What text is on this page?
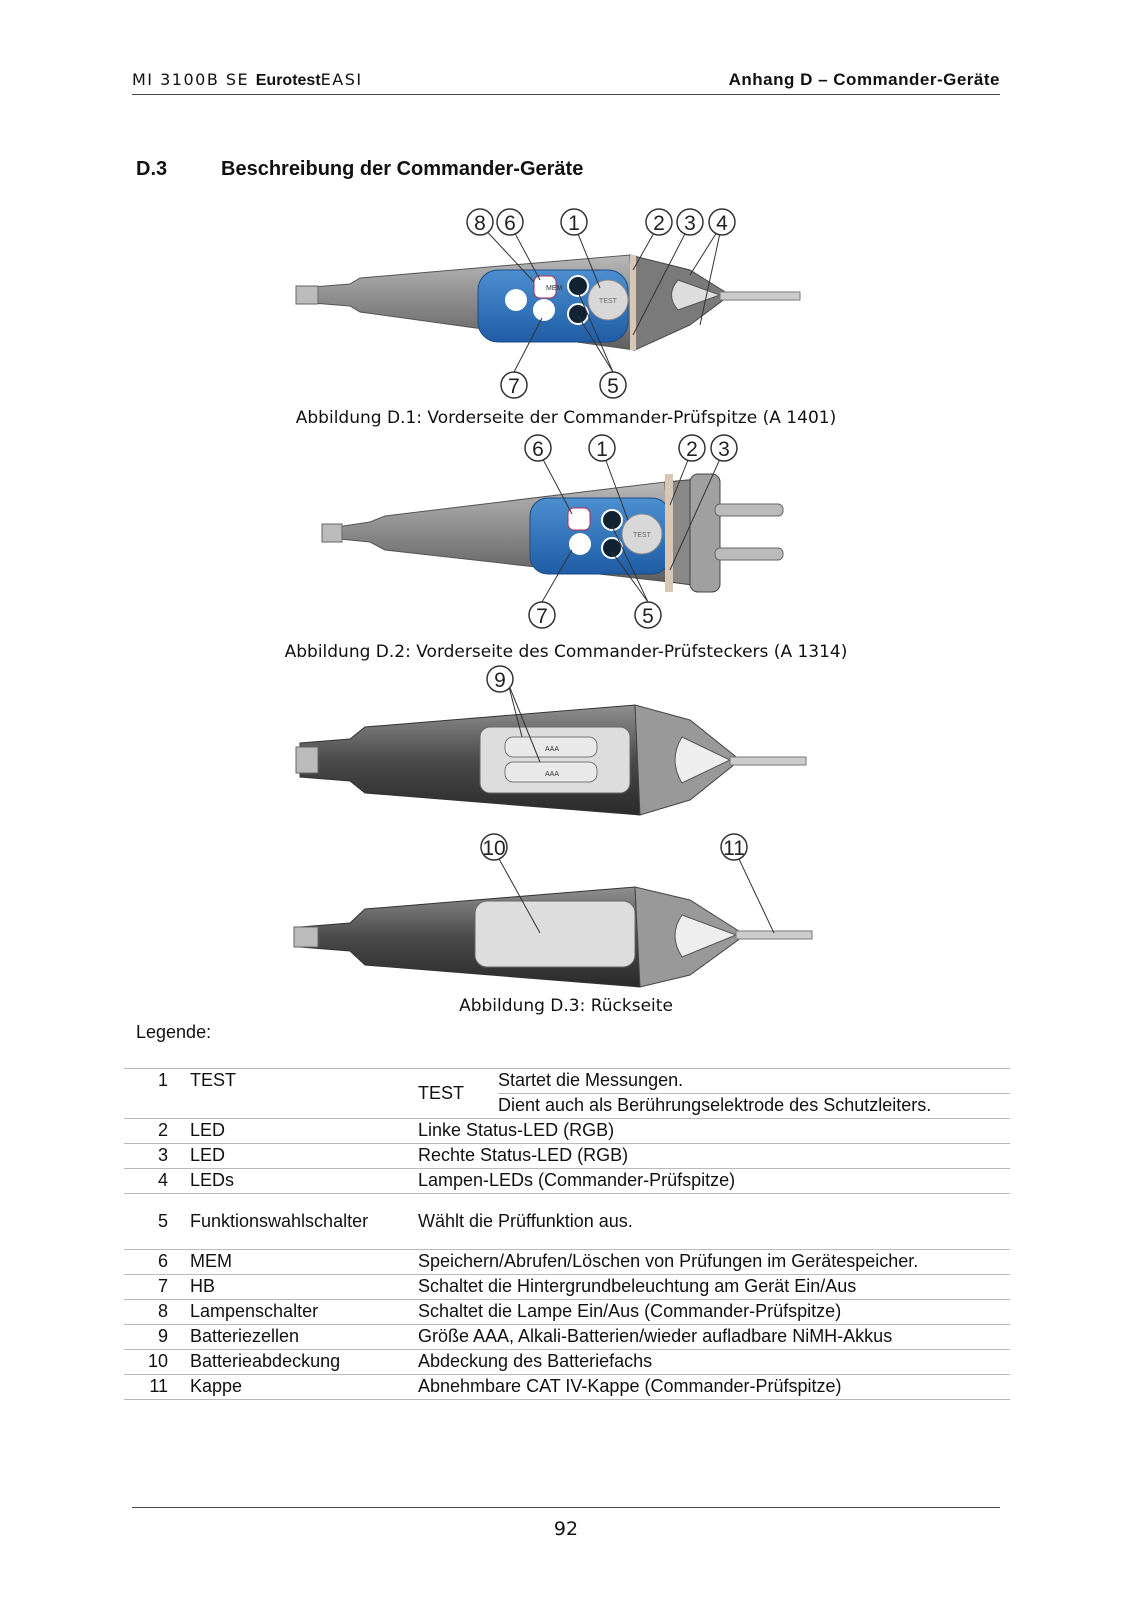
MI 3100B SE EurotestEASI	Anhang D – Commander-Geräte
D.3	Beschreibung der Commander-Geräte
MEM
TEST
8 6 1	2 3 4
7	5
Abbildung D.1: Vorderseite der Commander-Prüfspitze (A 1401)
TEST
6 1	2 3
7	5
Abbildung D.2: Vorderseite des Commander-Prüfsteckers (A 1314)
AAA
AAA
9
10	11
Abbildung D.3: Rückseite
Legende:
1	TEST	TEST	Startet die Messungen.
			Dient auch als Berührungselektrode des Schutzleiters.
2	LED	Linke Status-LED (RGB)	
3	LED	Rechte Status-LED (RGB)	
4	LEDs	Lampen-LEDs (Commander-Prüfspitze)	
5	Funktionswahlschalter	Wählt die Prüffunktion aus.	
6	MEM	Speichern/Abrufen/Löschen von Prüfungen im Gerätespeicher.	
7	HB	Schaltet die Hintergrundbeleuchtung am Gerät Ein/Aus	
8	Lampenschalter	Schaltet die Lampe Ein/Aus (Commander-Prüfspitze)	
9	Batteriezellen	Größe AAA, Alkali-Batterien/wieder aufladbare NiMH-Akkus	
10	Batterieabdeckung	Abdeckung des Batteriefachs	
11	Kappe	Abnehmbare CAT IV-Kappe (Commander-Prüfspitze)	
92
